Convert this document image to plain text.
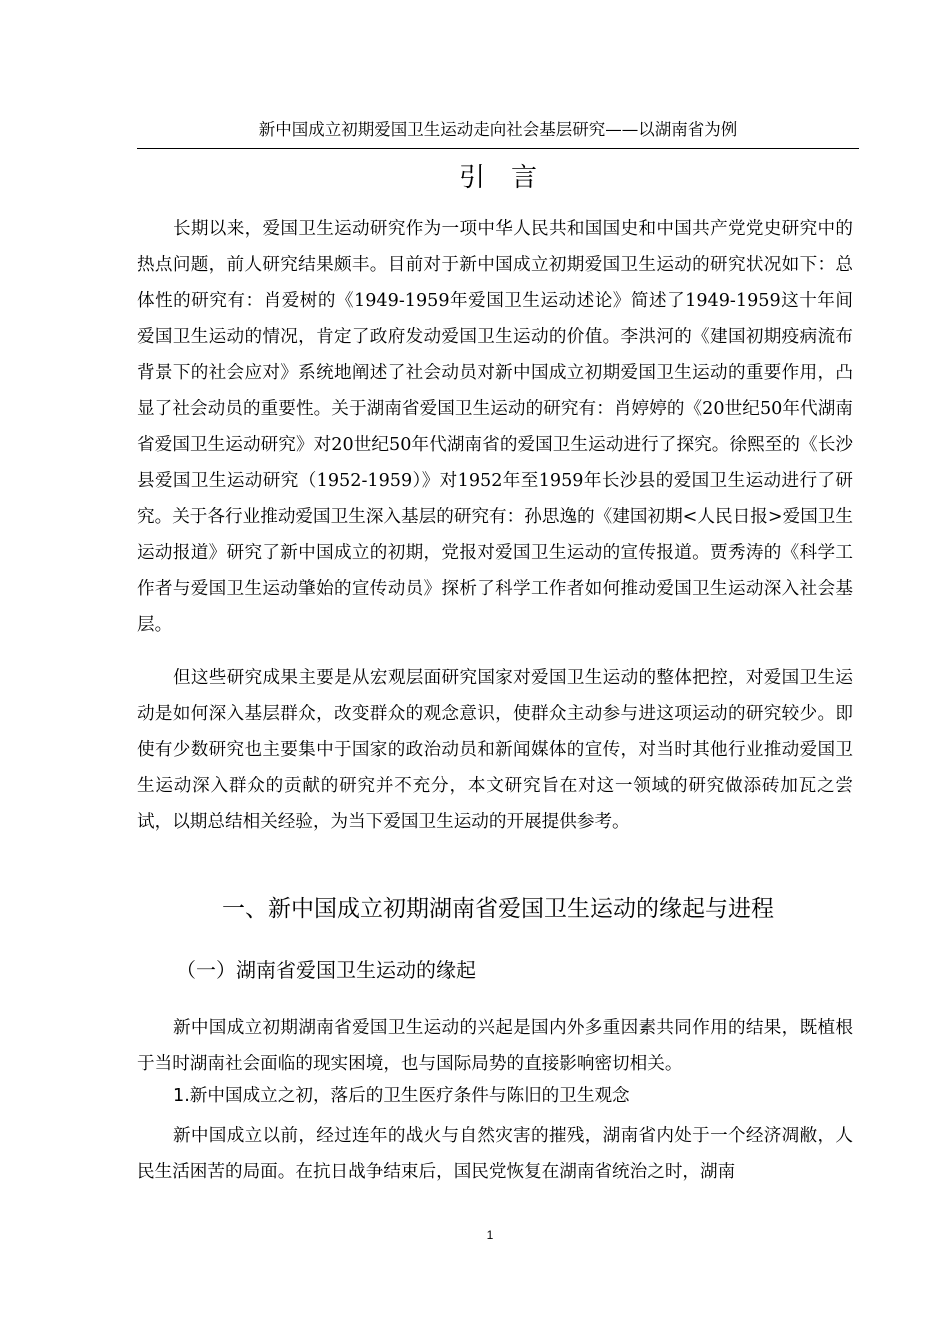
新中国成立初期爱国卫生运动走向社会基层研究——以湖南省为例
引言

长期以来，爱国卫生运动研究作为一项中华人民共和国国史和中国共产党党史研究中的热点问题，前人研究结果颇丰。目前对于新中国成立初期爱国卫生运动的研究状况如下：总体性的研究有：肖爱树的《1949-1959年爱国卫生运动述论》简述了1949-1959这十年间爱国卫生运动的情况，肯定了政府发动爱国卫生运动的价值。李洪河的《建国初期疫病流布背景下的社会应对》系统地阐述了社会动员对新中国成立初期爱国卫生运动的重要作用，凸显了社会动员的重要性。关于湖南省爱国卫生运动的研究有：肖婷婷的《20世纪50年代湖南省爱国卫生运动研究》对20世纪50年代湖南省的爱国卫生运动进行了探究。徐熙至的《长沙县爱国卫生运动研究（1952-1959）》对1952年至1959年长沙县的爱国卫生运动进行了研究。关于各行业推动爱国卫生深入基层的研究有：孙思逸的《建国初期<人民日报>爱国卫生运动报道》研究了新中国成立的初期，党报对爱国卫生运动的宣传报道。贾秀涛的《科学工作者与爱国卫生运动肇始的宣传动员》探析了科学工作者如何推动爱国卫生运动深入社会基层。

但这些研究成果主要是从宏观层面研究国家对爱国卫生运动的整体把控，对爱国卫生运动是如何深入基层群众，改变群众的观念意识，使群众主动参与进这项运动的研究较少。即使有少数研究也主要集中于国家的政治动员和新闻媒体的宣传，对当时其他行业推动爱国卫生运动深入群众的贡献的研究并不充分，本文研究旨在对这一领域的研究做添砖加瓦之尝试，以期总结相关经验，为当下爱国卫生运动的开展提供参考。

一、新中国成立初期湖南省爱国卫生运动的缘起与进程
（一）湖南省爱国卫生运动的缘起

新中国成立初期湖南省爱国卫生运动的兴起是国内外多重因素共同作用的结果，既植根于当时湖南社会面临的现实困境，也与国际局势的直接影响密切相关。

1.新中国成立之初，落后的卫生医疗条件与陈旧的卫生观念

新中国成立以前，经过连年的战火与自然灾害的摧残，湖南省内处于一个经济凋敝，人民生活困苦的局面。在抗日战争结束后，国民党恢复在湖南省统治之时，湖南

1
